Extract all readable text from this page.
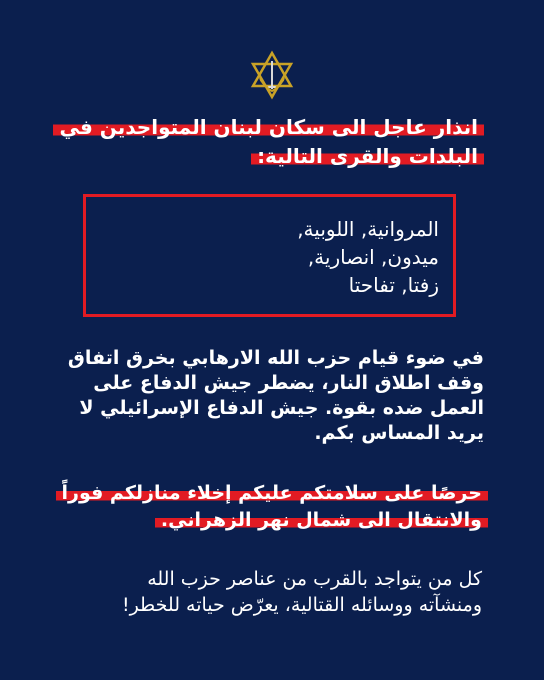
انذار عاجل الى سكان لبنان المتواجدين في
البلدات والقرى التالية:
المروانية, اللوبية,
ميدون, انصارية,
زفتا, تفاحتا
في ضوء قيام حزب الله الارهابي بخرق اتفاق
وقف اطلاق النار، يضطر جيش الدفاع على
العمل ضده بقوة. جيش الدفاع الإسرائيلي لا
يريد المساس بكم.
حرصًا على سلامتكم عليكم إخلاء منازلكم فوراً
والانتقال الى شمال نهر الزهراني.
كل من يتواجد بالقرب من عناصر حزب الله
ومنشآته ووسائله القتالية، يعرّض حياته للخطر!
